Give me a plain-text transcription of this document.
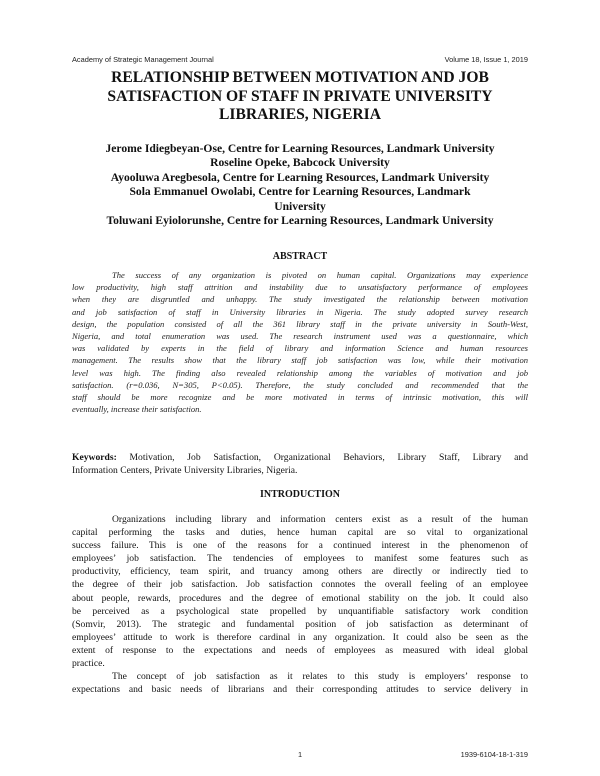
Academy of Strategic Management Journal	Volume 18, Issue 1, 2019
RELATIONSHIP BETWEEN MOTIVATION AND JOB
SATISFACTION OF STAFF IN PRIVATE UNIVERSITY
LIBRARIES, NIGERIA
Jerome Idiegbeyan-Ose, Centre for Learning Resources, Landmark University
Roseline Opeke, Babcock University
Ayooluwa Aregbesola, Centre for Learning Resources, Landmark University
Sola Emmanuel Owolabi, Centre for Learning Resources, Landmark
University
Toluwani Eyiolorunshe, Centre for Learning Resources, Landmark University
ABSTRACT
The success of any organization is pivoted on human capital. Organizations may experience
low productivity, high staff attrition and instability due to unsatisfactory performance of employees
when they are disgruntled and unhappy. The study investigated the relationship between motivation
and job satisfaction of staff in University libraries in Nigeria. The study adopted survey research
design, the population consisted of all the 361 library staff in the private university in South-West,
Nigeria, and total enumeration was used. The research instrument used was a questionnaire, which
was validated by experts in the field of library and information Science and human resources
management. The results show that the library staff job satisfaction was low, while their motivation
level was high. The finding also revealed relationship among the variables of motivation and job
satisfaction. (r=0.036, N=305, P<0.05). Therefore, the study concluded and recommended that the
staff should be more recognize and be more motivated in terms of intrinsic motivation, this will
eventually, increase their satisfaction.
Keywords: Motivation, Job Satisfaction, Organizational Behaviors, Library Staff, Library and
Information Centers, Private University Libraries, Nigeria.
INTRODUCTION
Organizations including library and information centers exist as a result of the human
capital performing the tasks and duties, hence human capital are so vital to organizational
success failure. This is one of the reasons for a continued interest in the phenomenon of
employees’ job satisfaction. The tendencies of employees to manifest some features such as
productivity, efficiency, team spirit, and truancy among others are directly or indirectly tied to
the degree of their job satisfaction. Job satisfaction connotes the overall feeling of an employee
about people, rewards, procedures and the degree of emotional stability on the job. It could also
be perceived as a psychological state propelled by unquantifiable satisfactory work condition
(Somvir, 2013). The strategic and fundamental position of job satisfaction as determinant of
employees’ attitude to work is therefore cardinal in any organization. It could also be seen as the
extent of response to the expectations and needs of employees as measured with ideal global
practice.
The concept of job satisfaction as it relates to this study is employers’ response to
expectations and basic needs of librarians and their corresponding attitudes to service delivery in
1	1939-6104-18-1-319
